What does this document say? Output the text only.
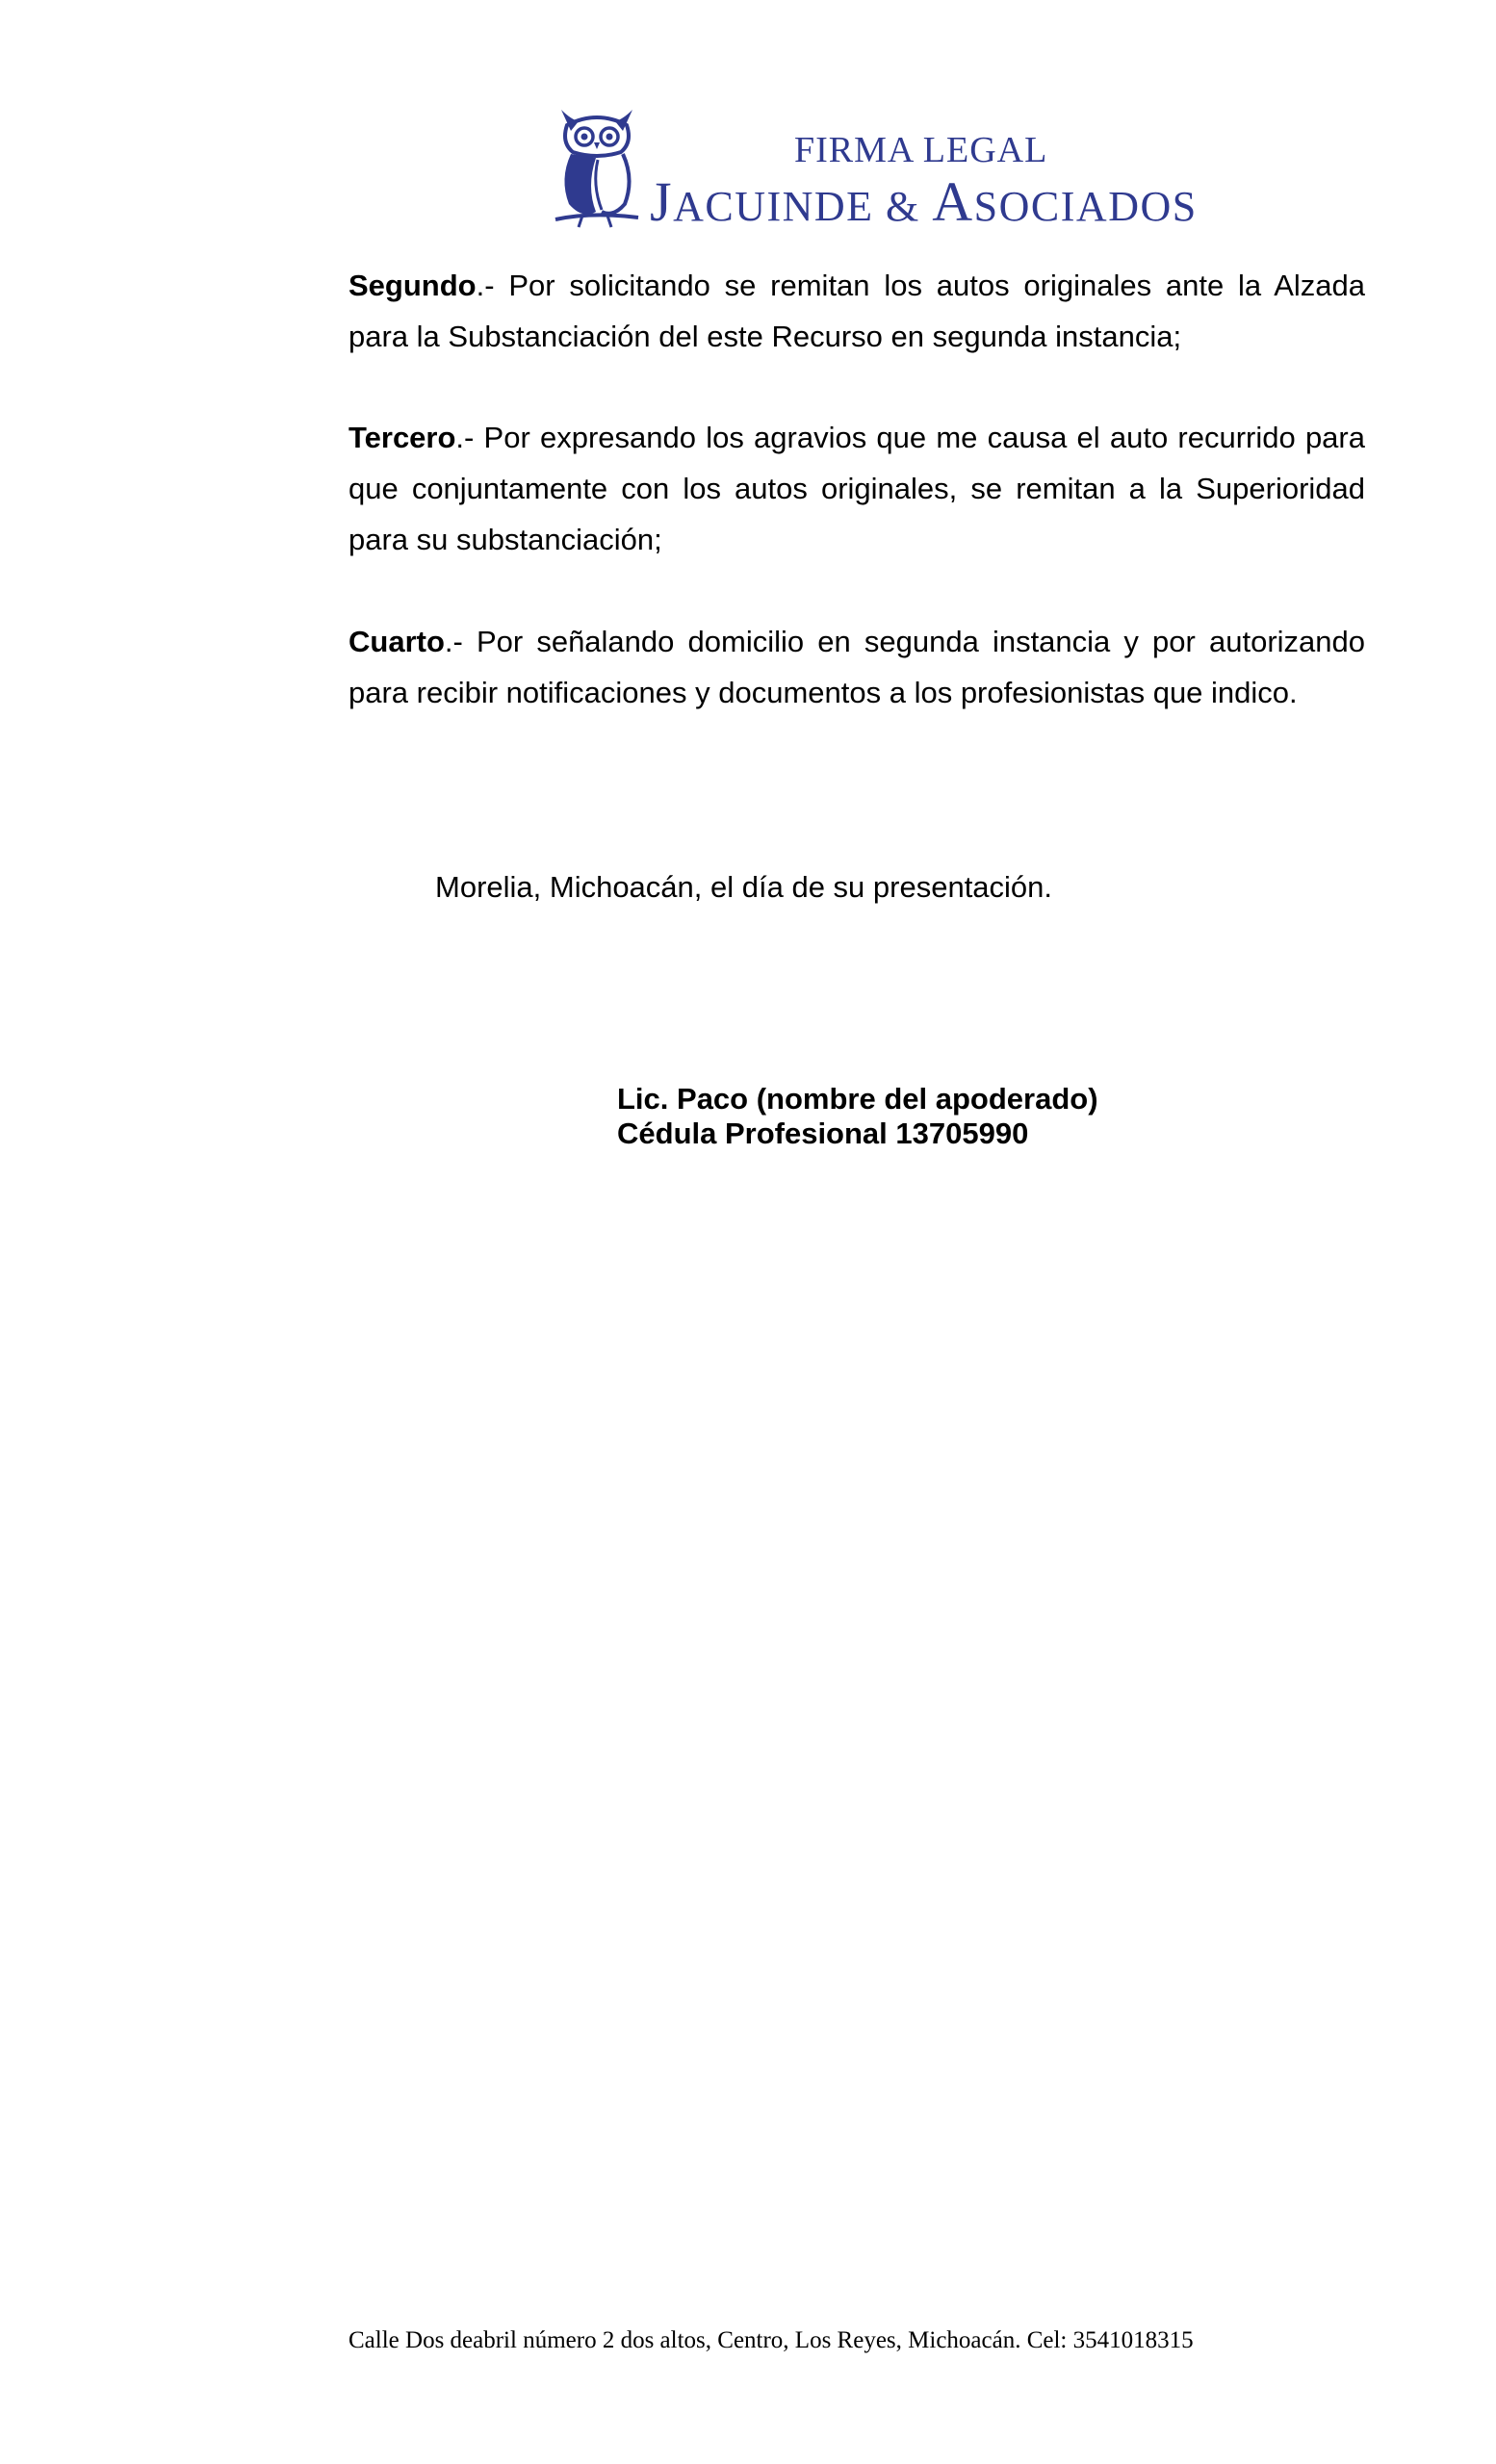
FIRMA LEGAL
JACUINDE & ASOCIADOS
Segundo.- Por solicitando se remitan los autos originales ante la Alzada para la Substanciación del este Recurso en segunda instancia;
Tercero.- Por expresando los agravios que me causa el auto recurrido para que conjuntamente con los autos originales, se remitan a la Superioridad para su substanciación;
Cuarto.- Por señalando domicilio en segunda instancia y por autorizando para recibir notificaciones y documentos a los profesionistas que indico.
Morelia, Michoacán, el día de su presentación.
Lic. Paco (nombre del apoderado)
Cédula Profesional 13705990
Calle Dos deabril número 2 dos altos, Centro, Los Reyes, Michoacán. Cel: 3541018315
